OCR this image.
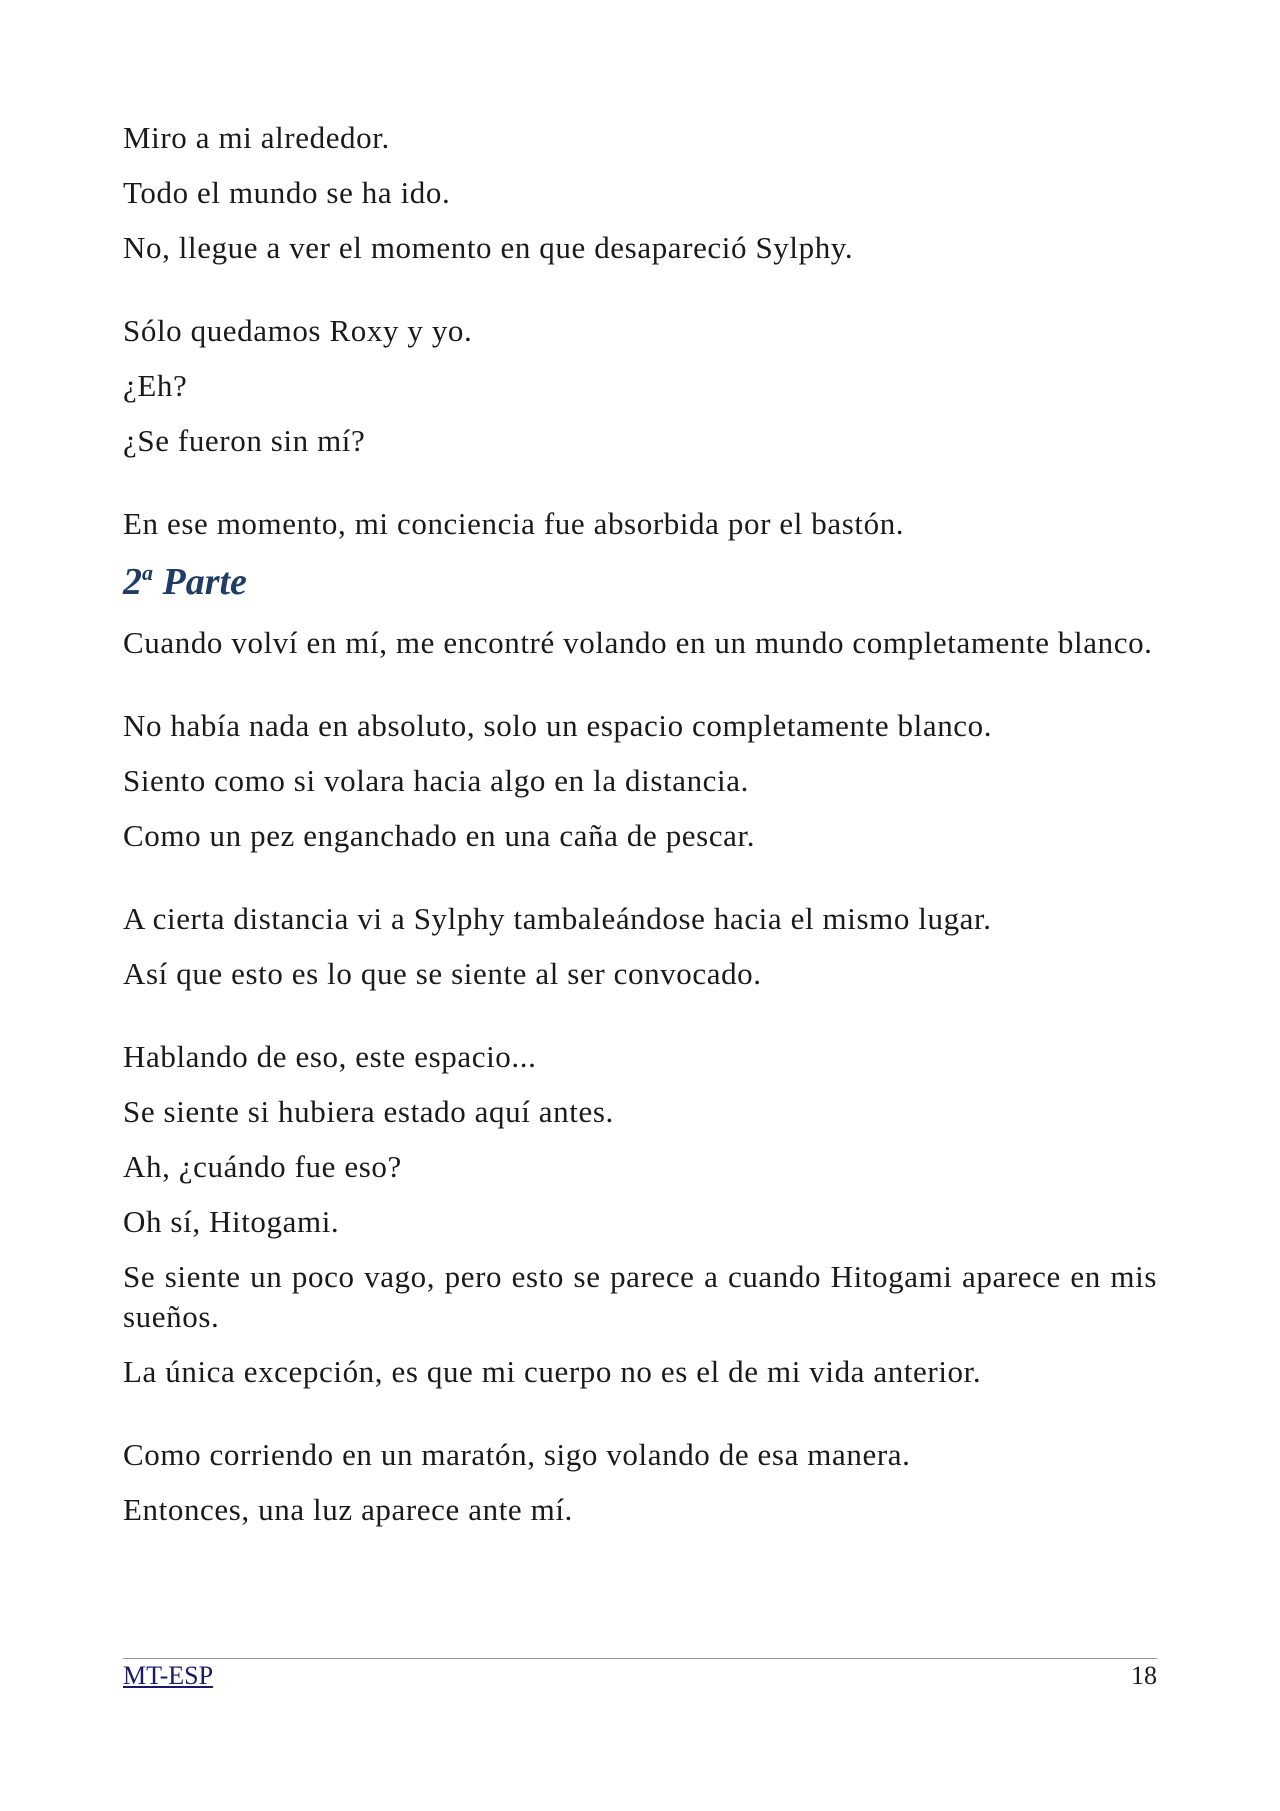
Miro a mi alrededor.

Todo el mundo se ha ido.

No, llegue a ver el momento en que desapareció Sylphy.

Sólo quedamos Roxy y yo.

¿Eh?

¿Se fueron sin mí?

En ese momento, mi conciencia fue absorbida por el bastón.

2$^a$ Parte

Cuando volví en mí, me encontré volando en un mundo completamente blanco.

No había nada en absoluto, solo un espacio completamente blanco.

Siento como si volara hacia algo en la distancia.

Como un pez enganchado en una caña de pescar.

A cierta distancia vi a Sylphy tambaleándose hacia el mismo lugar.

Así que esto es lo que se siente al ser convocado.

Hablando de eso, este espacio...

Se siente si hubiera estado aquí antes.

Ah, ¿cuándo fue eso?

Oh sí, Hitogami.

Se siente un poco vago, pero esto se parece a cuando Hitogami aparece en mis sueños.

La única excepción, es que mi cuerpo no es el de mi vida anterior.

Como corriendo en un maratón, sigo volando de esa manera.

Entonces, una luz aparece ante mí.

MT-ESP	18
